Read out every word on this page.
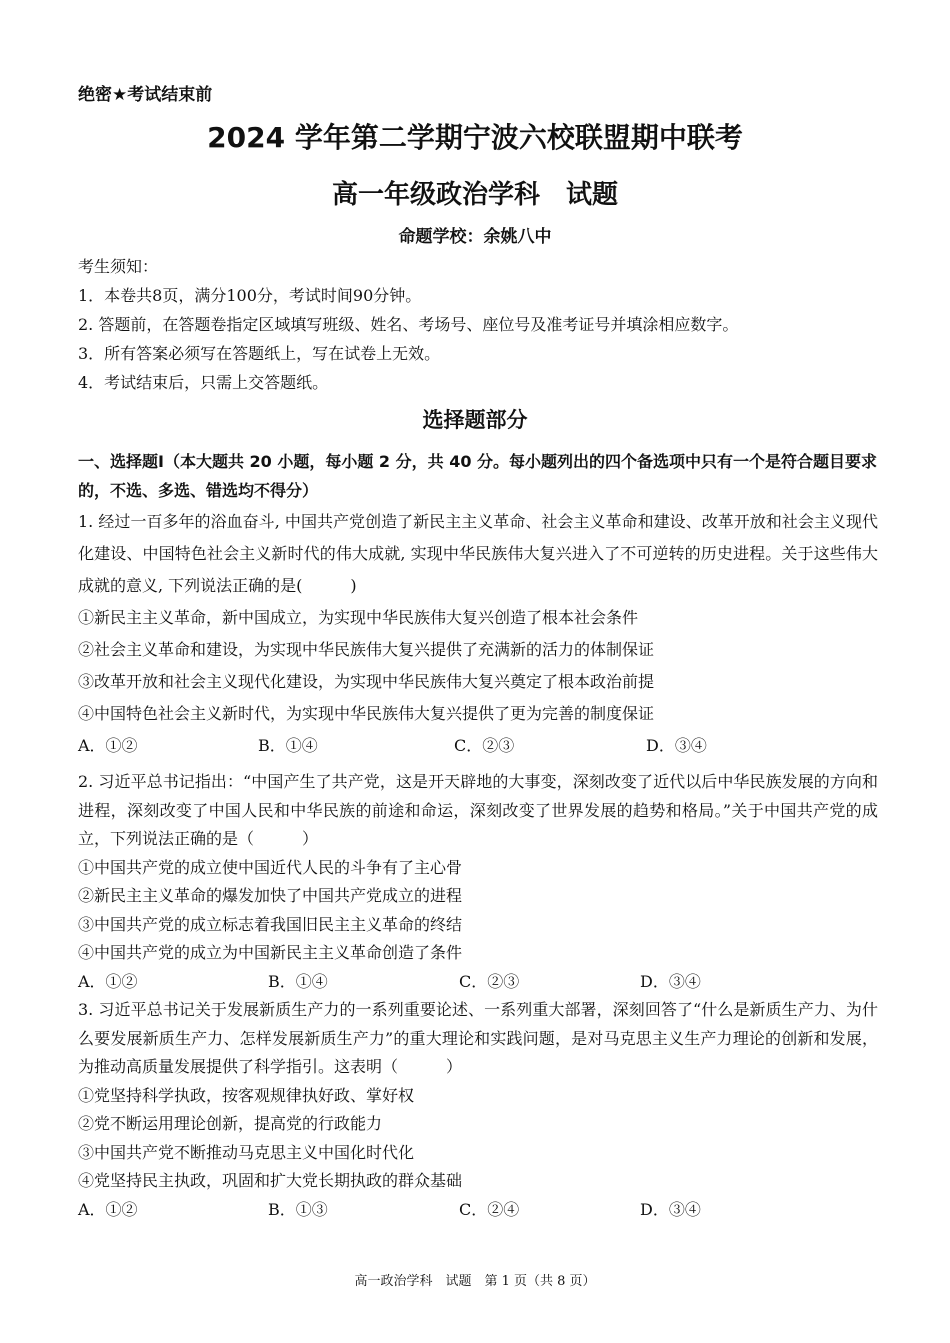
绝密★考试结束前
2024 学年第二学期宁波六校联盟期中联考
高一年级政治学科　试题
命题学校：余姚八中
考生须知：
1．本卷共8页，满分100分，考试时间90分钟。
2. 答题前，在答题卷指定区域填写班级、姓名、考场号、座位号及准考证号并填涂相应数字。
3．所有答案必须写在答题纸上，写在试卷上无效。
4．考试结束后，只需上交答题纸。
选择题部分
一、选择题Ⅰ（本大题共 20 小题，每小题 2 分，共 40 分。每小题列出的四个备选项中只有一个是符合题目要求的，不选、多选、错选均不得分）
1. 经过一百多年的浴血奋斗, 中国共产党创造了新民主主义革命、社会主义革命和建设、改革开放和社会主义现代化建设、中国特色社会主义新时代的伟大成就, 实现中华民族伟大复兴进入了不可逆转的历史进程。关于这些伟大成就的意义, 下列说法正确的是(　　　)
①新民主主义革命，新中国成立，为实现中华民族伟大复兴创造了根本社会条件
②社会主义革命和建设，为实现中华民族伟大复兴提供了充满新的活力的体制保证
③改革开放和社会主义现代化建设，为实现中华民族伟大复兴奠定了根本政治前提
④中国特色社会主义新时代，为实现中华民族伟大复兴提供了更为完善的制度保证
A．①②	B．①④	C．②③	D．③④
2. 习近平总书记指出：“中国产生了共产党，这是开天辟地的大事变，深刻改变了近代以后中华民族发展的方向和进程，深刻改变了中国人民和中华民族的前途和命运，深刻改变了世界发展的趋势和格局。”关于中国共产党的成立，下列说法正确的是（　　　）
①中国共产党的成立使中国近代人民的斗争有了主心骨
②新民主主义革命的爆发加快了中国共产党成立的进程
③中国共产党的成立标志着我国旧民主主义革命的终结
④中国共产党的成立为中国新民主主义革命创造了条件
A．①②	B．①④	C．②③	D．③④
3. 习近平总书记关于发展新质生产力的一系列重要论述、一系列重大部署，深刻回答了“什么是新质生产力、为什么要发展新质生产力、怎样发展新质生产力”的重大理论和实践问题，是对马克思主义生产力理论的创新和发展，为推动高质量发展提供了科学指引。这表明（　　　）
①党坚持科学执政，按客观规律执好政、掌好权
②党不断运用理论创新，提高党的行政能力
③中国共产党不断推动马克思主义中国化时代化
④党坚持民主执政，巩固和扩大党长期执政的群众基础
A．①②	B．①③	C．②④	D．③④
高一政治学科　试题　第 1 页（共 8 页）
